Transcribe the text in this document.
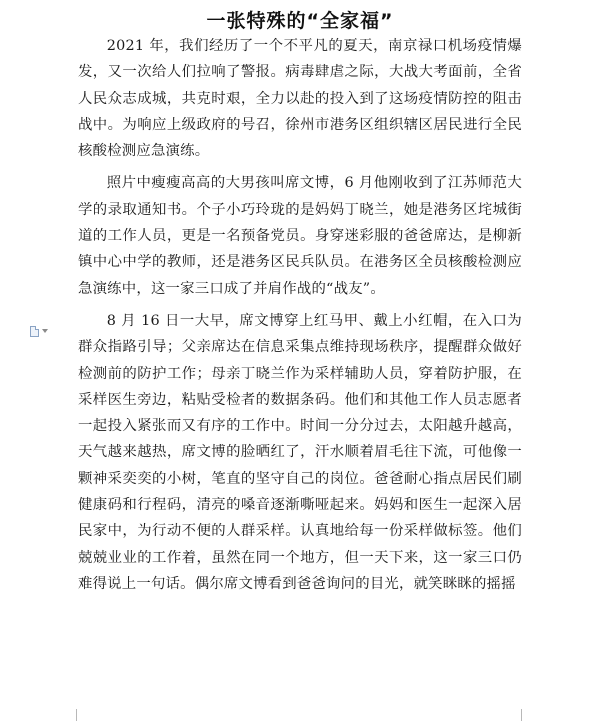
一张特殊的“全家福”

2021 年，我们经历了一个不平凡的夏天，南京禄口机场疫情爆发，又一次给人们拉响了警报。病毒肆虐之际，大战大考面前，全省人民众志成城，共克时艰，全力以赴的投入到了这场疫情防控的阻击战中。为响应上级政府的号召，徐州市港务区组织辖区居民进行全民核酸检测应急演练。

照片中瘦瘦高高的大男孩叫席文博，6 月他刚收到了江苏师范大学的录取通知书。个子小巧玲珑的是妈妈丁晓兰，她是港务区垞城街道的工作人员，更是一名预备党员。身穿迷彩服的爸爸席达，是柳新镇中心中学的教师，还是港务区民兵队员。在港务区全员核酸检测应急演练中，这一家三口成了并肩作战的“战友”。

8 月 16 日一大早，席文博穿上红马甲、戴上小红帽，在入口为群众指路引导；父亲席达在信息采集点维持现场秩序，提醒群众做好检测前的防护工作；母亲丁晓兰作为采样辅助人员，穿着防护服，在采样医生旁边，粘贴受检者的数据条码。他们和其他工作人员志愿者一起投入紧张而又有序的工作中。时间一分分过去，太阳越升越高，天气越来越热，席文博的脸晒红了，汗水顺着眉毛往下流，可他像一颗神采奕奕的小树，笔直的坚守自己的岗位。爸爸耐心指点居民们刷健康码和行程码，清亮的嗓音逐渐嘶哑起来。妈妈和医生一起深入居民家中，为行动不便的人群采样。认真地给每一份采样做标签。他们兢兢业业的工作着，虽然在同一个地方，但一天下来，这一家三口仍难得说上一句话。偶尔席文博看到爸爸询问的目光，就笑眯眯的摇摇
